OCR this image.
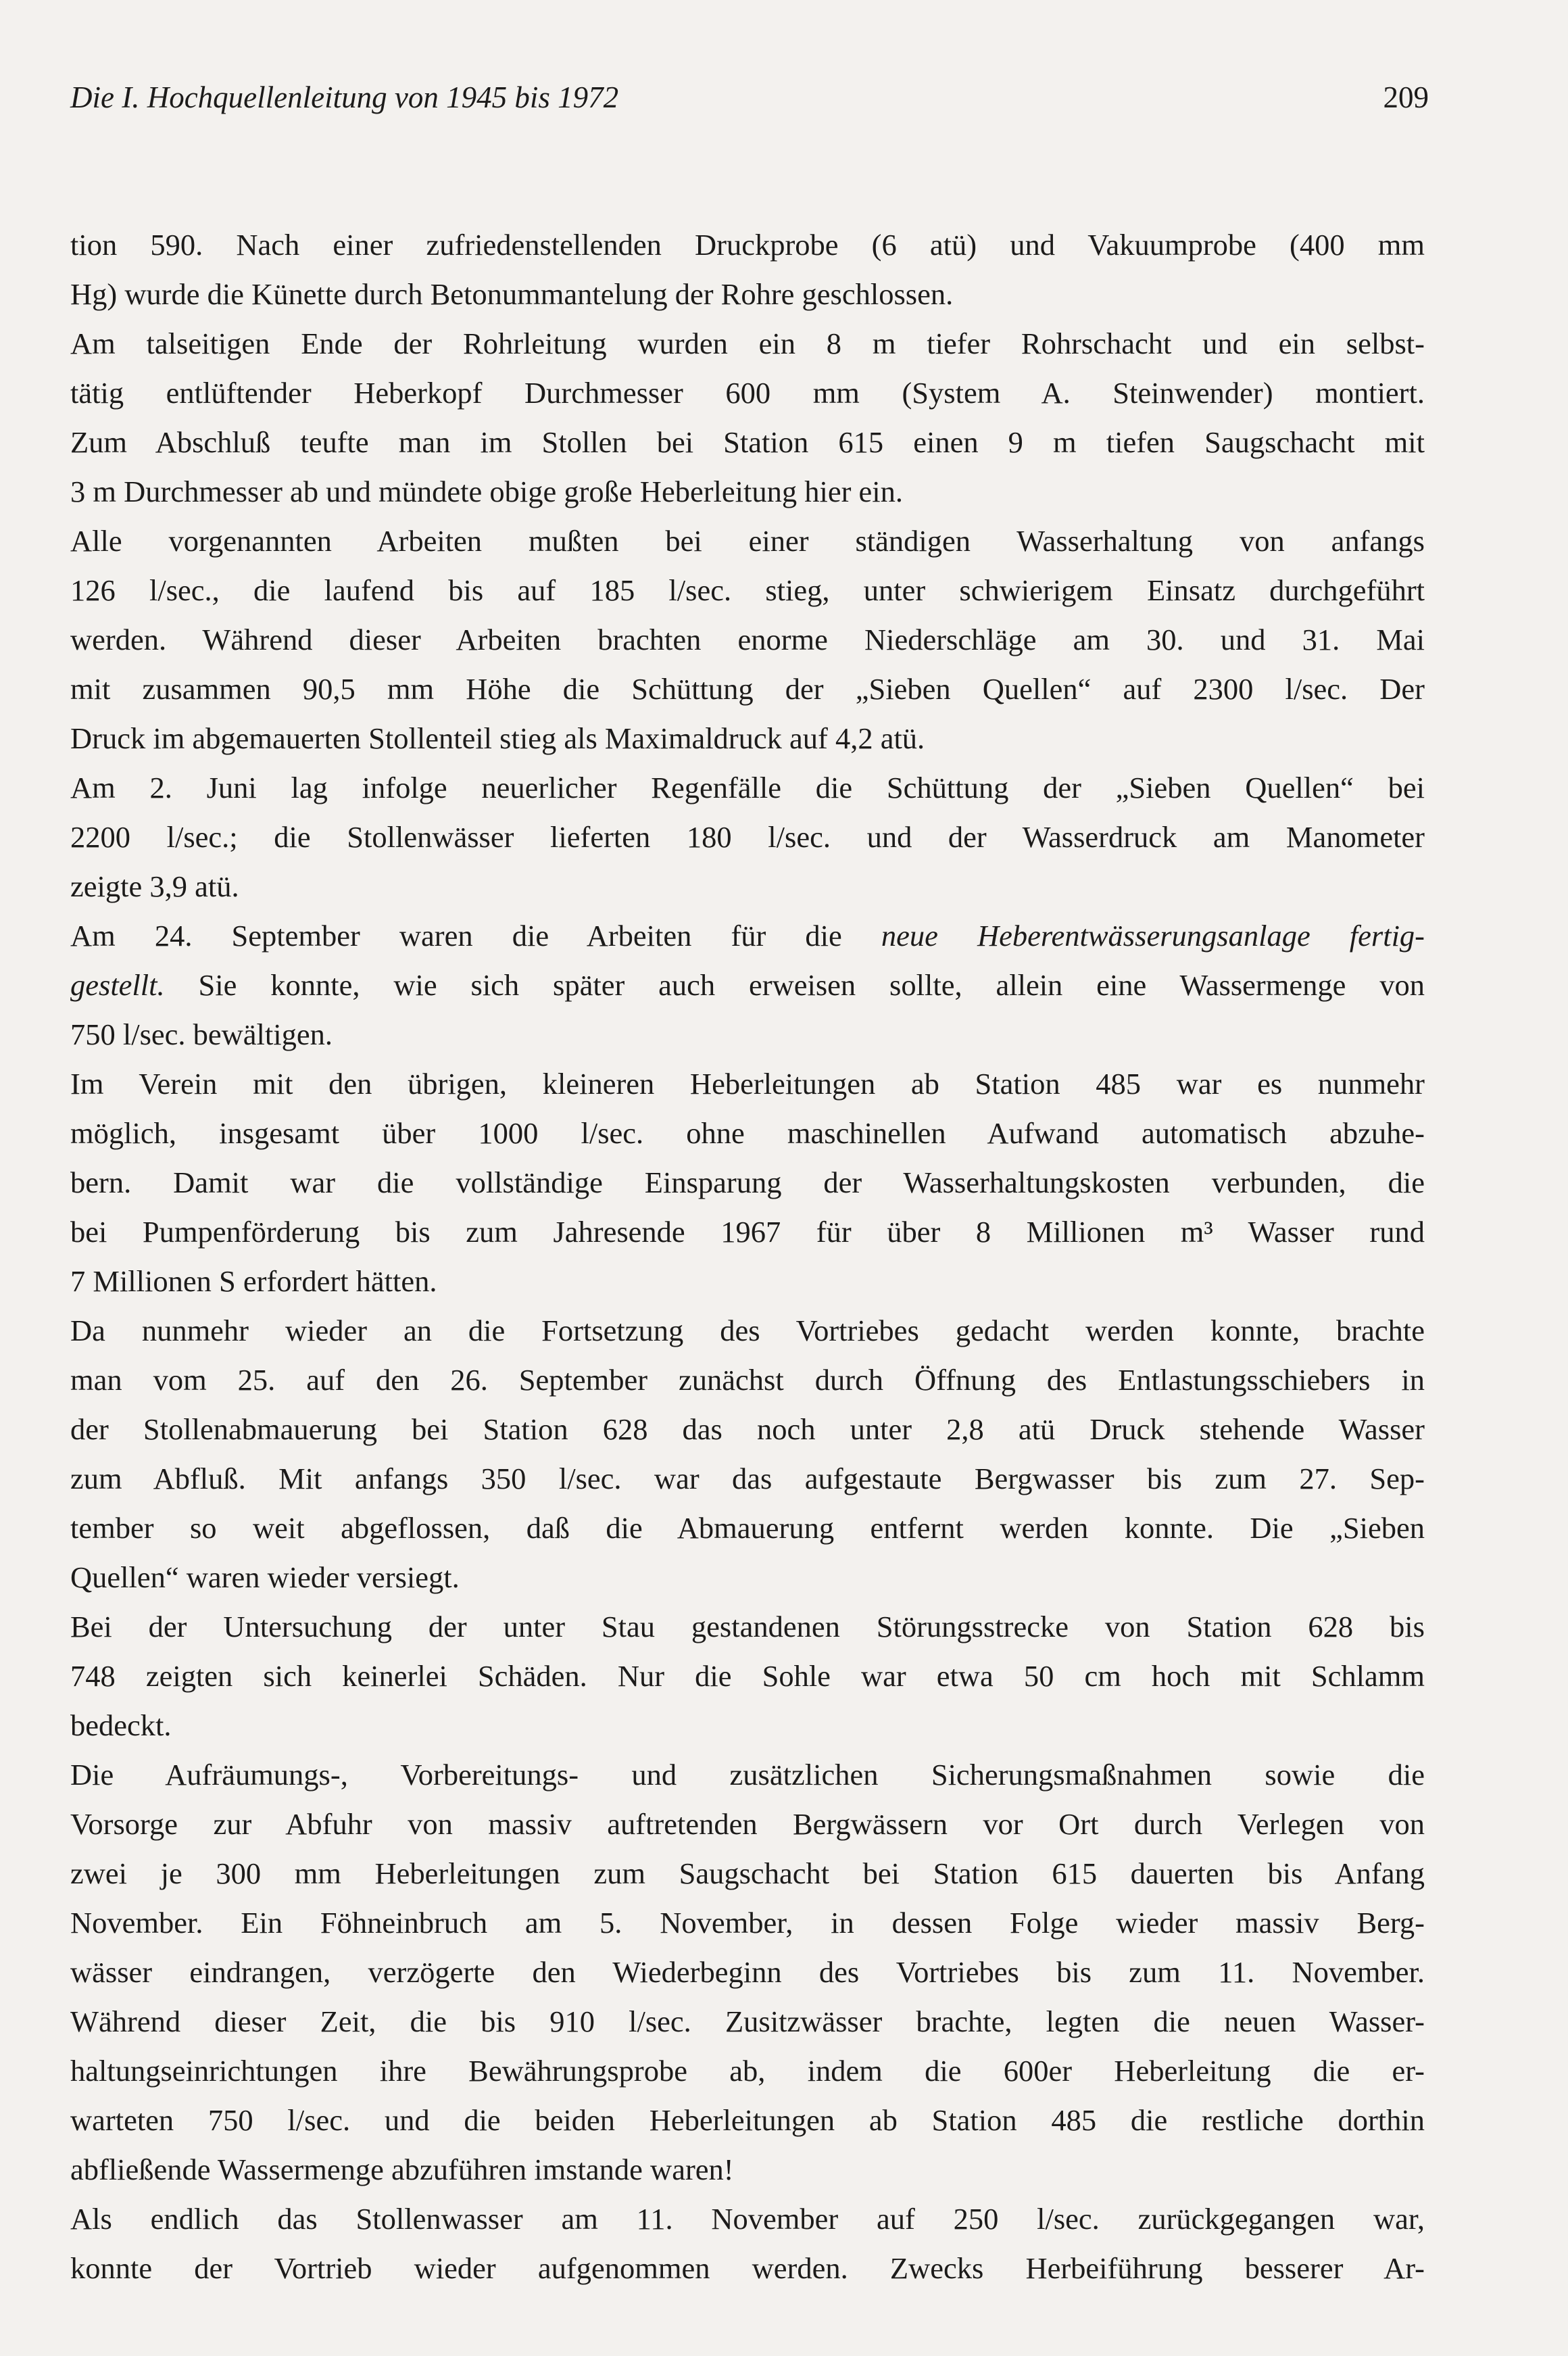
Die I. Hochquellenleitung von 1945 bis 1972	209
tion 590. Nach einer zufriedenstellenden Druckprobe (6 atü) und Vakuumprobe (400 mm
Hg) wurde die Künette durch Betonummantelung der Rohre geschlossen.
Am talseitigen Ende der Rohrleitung wurden ein 8 m tiefer Rohrschacht und ein selbst-
tätig entlüftender Heberkopf Durchmesser 600 mm (System A. Steinwender) montiert.
Zum Abschluß teufte man im Stollen bei Station 615 einen 9 m tiefen Saugschacht mit
3 m Durchmesser ab und mündete obige große Heberleitung hier ein.
Alle vorgenannten Arbeiten mußten bei einer ständigen Wasserhaltung von anfangs
126 l/sec., die laufend bis auf 185 l/sec. stieg, unter schwierigem Einsatz durchgeführt
werden. Während dieser Arbeiten brachten enorme Niederschläge am 30. und 31. Mai
mit zusammen 90,5 mm Höhe die Schüttung der „Sieben Quellen“ auf 2300 l/sec. Der
Druck im abgemauerten Stollenteil stieg als Maximaldruck auf 4,2 atü.
Am 2. Juni lag infolge neuerlicher Regenfälle die Schüttung der „Sieben Quellen“ bei
2200 l/sec.; die Stollenwässer lieferten 180 l/sec. und der Wasserdruck am Manometer
zeigte 3,9 atü.
Am 24. September waren die Arbeiten für die neue Heberentwässerungsanlage fertig-
gestellt. Sie konnte, wie sich später auch erweisen sollte, allein eine Wassermenge von
750 l/sec. bewältigen.
Im Verein mit den übrigen, kleineren Heberleitungen ab Station 485 war es nunmehr
möglich, insgesamt über 1000 l/sec. ohne maschinellen Aufwand automatisch abzuhe-
bern. Damit war die vollständige Einsparung der Wasserhaltungskosten verbunden, die
bei Pumpenförderung bis zum Jahresende 1967 für über 8 Millionen m³ Wasser rund
7 Millionen S erfordert hätten.
Da nunmehr wieder an die Fortsetzung des Vortriebes gedacht werden konnte, brachte
man vom 25. auf den 26. September zunächst durch Öffnung des Entlastungsschiebers in
der Stollenabmauerung bei Station 628 das noch unter 2,8 atü Druck stehende Wasser
zum Abfluß. Mit anfangs 350 l/sec. war das aufgestaute Bergwasser bis zum 27. Sep-
tember so weit abgeflossen, daß die Abmauerung entfernt werden konnte. Die „Sieben
Quellen“ waren wieder versiegt.
Bei der Untersuchung der unter Stau gestandenen Störungsstrecke von Station 628 bis
748 zeigten sich keinerlei Schäden. Nur die Sohle war etwa 50 cm hoch mit Schlamm
bedeckt.
Die Aufräumungs-, Vorbereitungs- und zusätzlichen Sicherungsmaßnahmen sowie die
Vorsorge zur Abfuhr von massiv auftretenden Bergwässern vor Ort durch Verlegen von
zwei je 300 mm Heberleitungen zum Saugschacht bei Station 615 dauerten bis Anfang
November. Ein Föhneinbruch am 5. November, in dessen Folge wieder massiv Berg-
wässer eindrangen, verzögerte den Wiederbeginn des Vortriebes bis zum 11. November.
Während dieser Zeit, die bis 910 l/sec. Zusitzwässer brachte, legten die neuen Wasser-
haltungseinrichtungen ihre Bewährungsprobe ab, indem die 600er Heberleitung die er-
warteten 750 l/sec. und die beiden Heberleitungen ab Station 485 die restliche dorthin
abfließende Wassermenge abzuführen imstande waren!
Als endlich das Stollenwasser am 11. November auf 250 l/sec. zurückgegangen war,
konnte der Vortrieb wieder aufgenommen werden. Zwecks Herbeiführung besserer Ar-
